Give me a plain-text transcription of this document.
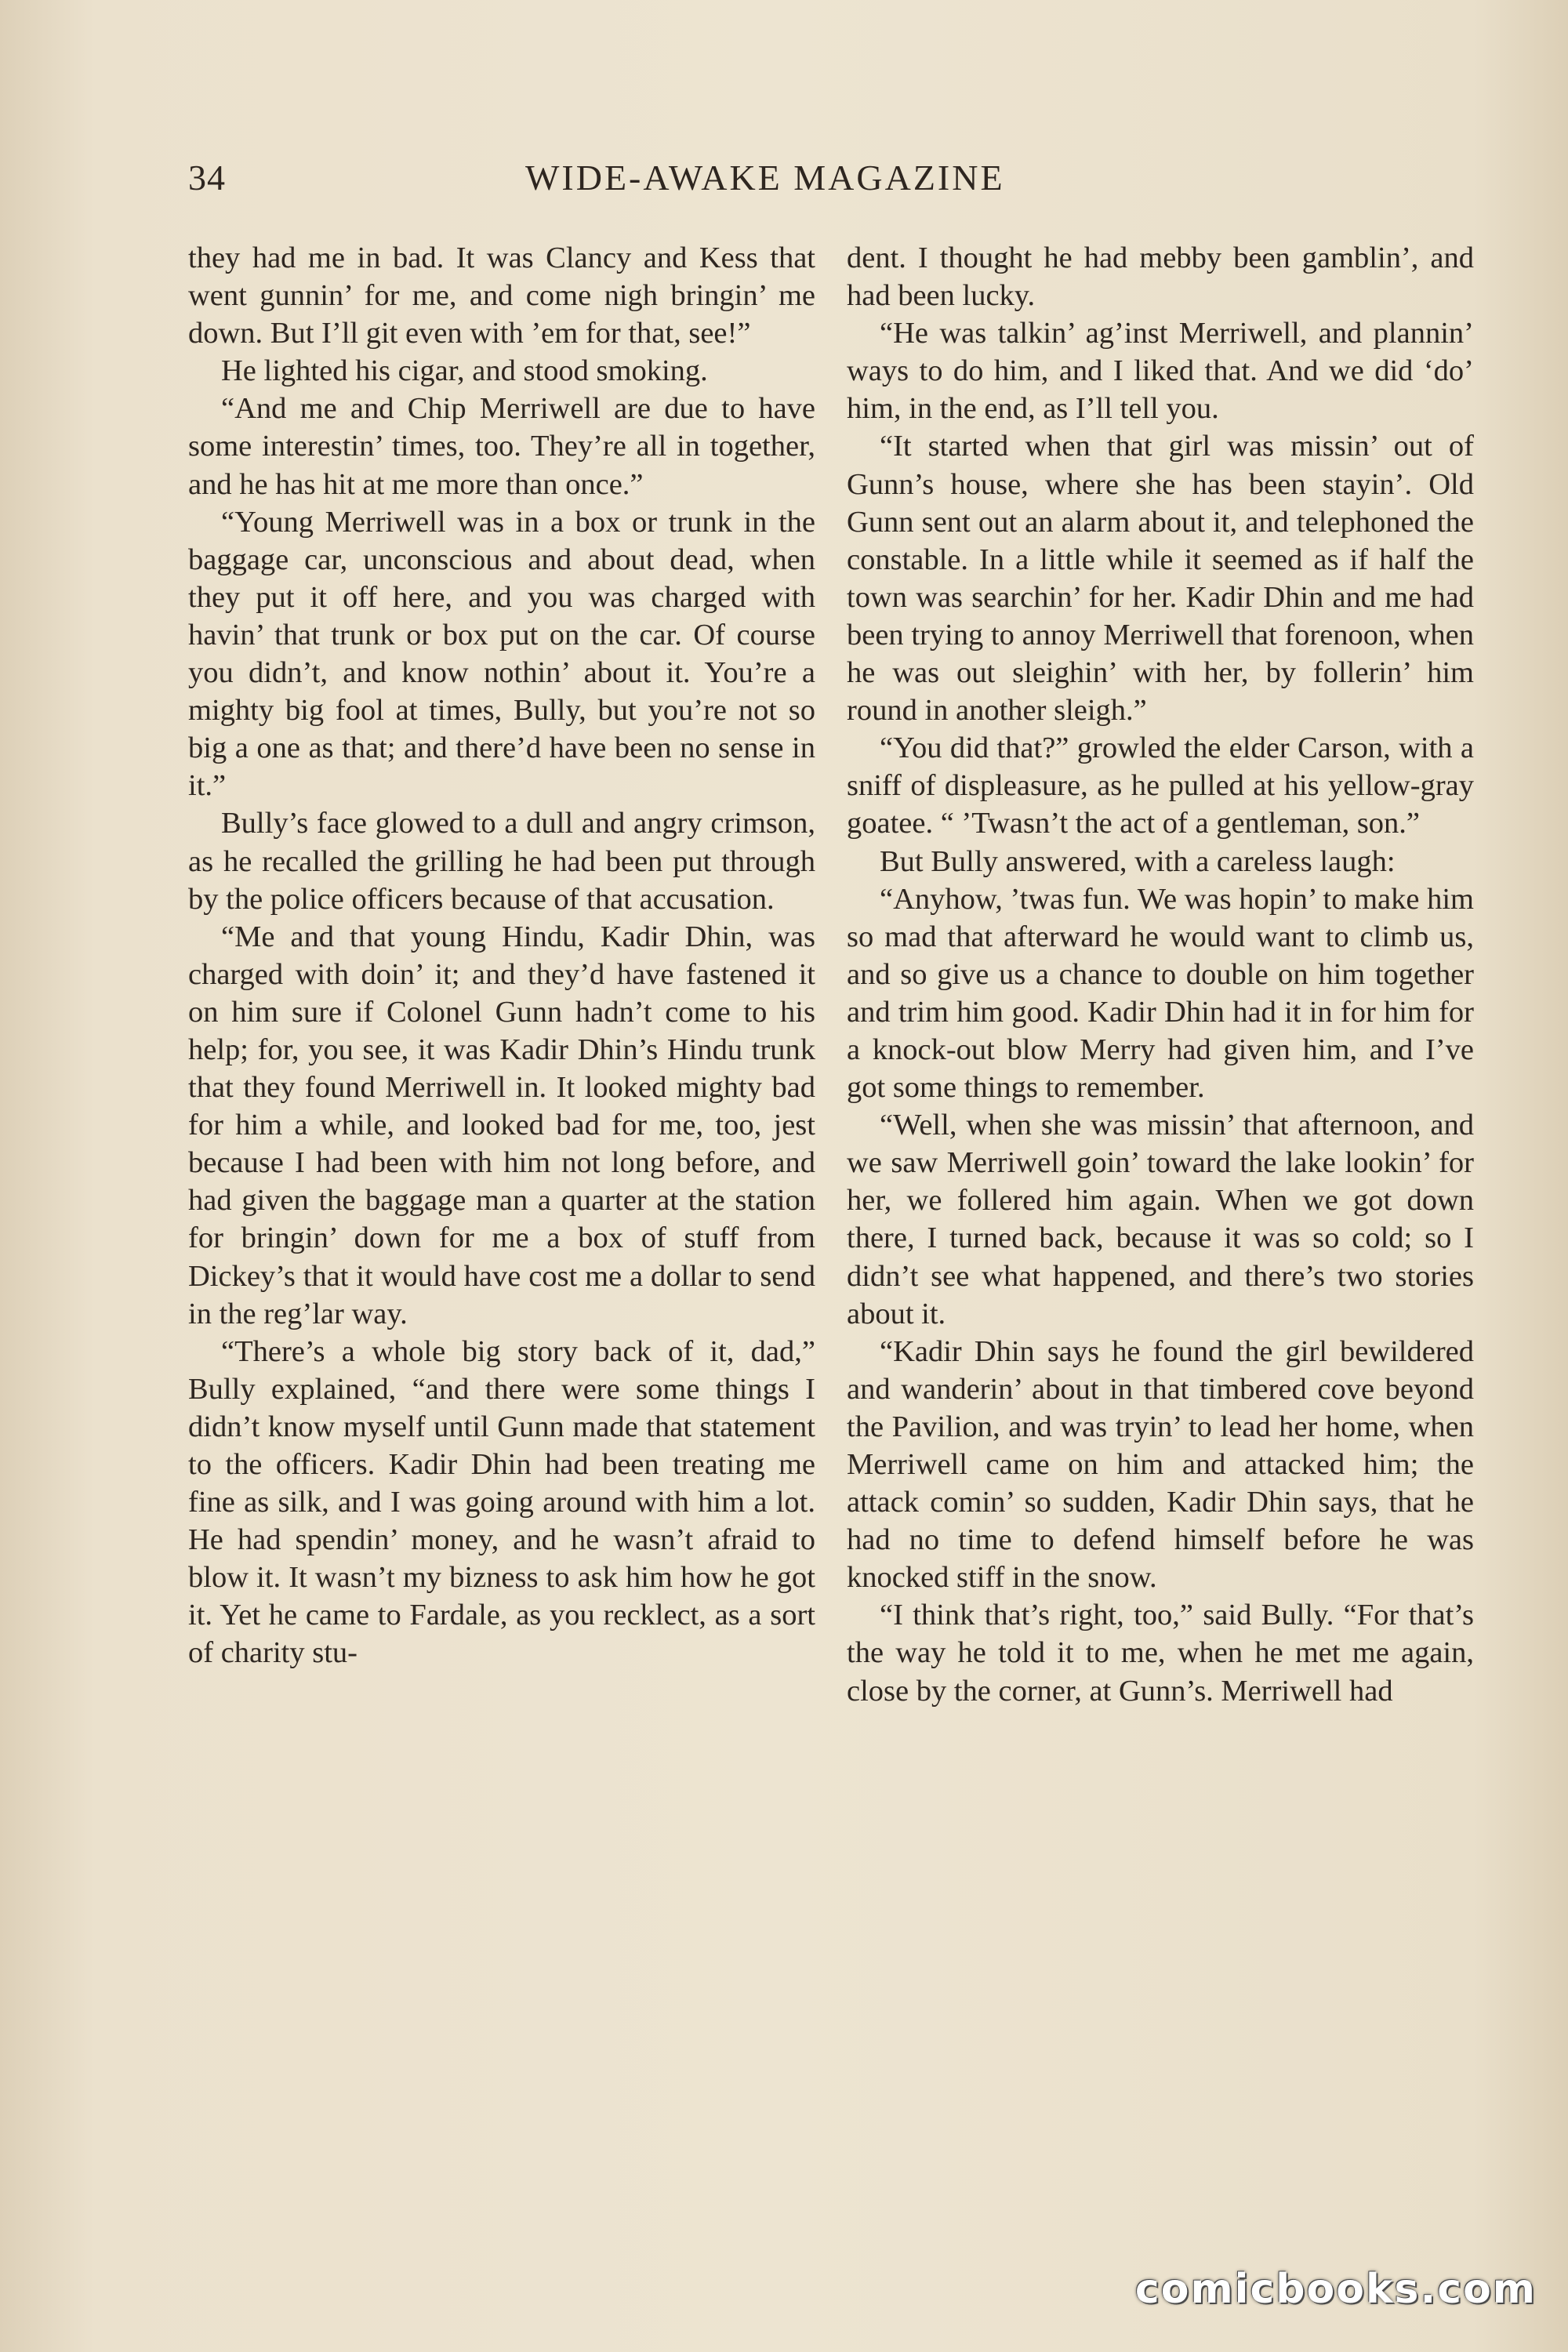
34	WIDE-AWAKE MAGAZINE

they had me in bad. It was Clancy and Kess that went gunnin’ for me, and come nigh bringin’ me down. But I’ll git even with ’em for that, see!”

He lighted his cigar, and stood smoking.

“And me and Chip Merriwell are due to have some interestin’ times, too. They’re all in together, and he has hit at me more than once.”

“Young Merriwell was in a box or trunk in the baggage car, unconscious and about dead, when they put it off here, and you was charged with havin’ that trunk or box put on the car. Of course you didn’t, and know nothin’ about it. You’re a mighty big fool at times, Bully, but you’re not so big a one as that; and there’d have been no sense in it.”

Bully’s face glowed to a dull and angry crimson, as he recalled the grilling he had been put through by the police officers because of that accusation.

“Me and that young Hindu, Kadir Dhin, was charged with doin’ it; and they’d have fastened it on him sure if Colonel Gunn hadn’t come to his help; for, you see, it was Kadir Dhin’s Hindu trunk that they found Merriwell in. It looked mighty bad for him a while, and looked bad for me, too, jest because I had been with him not long before, and had given the baggage man a quarter at the station for bringin’ down for me a box of stuff from Dickey’s that it would have cost me a dollar to send in the reg’lar way.

“There’s a whole big story back of it, dad,” Bully explained, “and there were some things I didn’t know myself until Gunn made that statement to the officers. Kadir Dhin had been treating me fine as silk, and I was going around with him a lot. He had spendin’ money, and he wasn’t afraid to blow it. It wasn’t my bizness to ask him how he got it. Yet he came to Fardale, as you recklect, as a sort of charity stu-

dent. I thought he had mebby been gamblin’, and had been lucky.

“He was talkin’ ag’inst Merriwell, and plannin’ ways to do him, and I liked that. And we did ‘do’ him, in the end, as I’ll tell you.

“It started when that girl was missin’ out of Gunn’s house, where she has been stayin’. Old Gunn sent out an alarm about it, and telephoned the constable. In a little while it seemed as if half the town was searchin’ for her. Kadir Dhin and me had been trying to annoy Merriwell that forenoon, when he was out sleighin’ with her, by follerin’ him round in another sleigh.”

“You did that?” growled the elder Carson, with a sniff of displeasure, as he pulled at his yellow-gray goatee. “ ’Twasn’t the act of a gentleman, son.”

But Bully answered, with a careless laugh:

“Anyhow, ’twas fun. We was hopin’ to make him so mad that afterward he would want to climb us, and so give us a chance to double on him together and trim him good. Kadir Dhin had it in for him for a knock-out blow Merry had given him, and I’ve got some things to remember.

“Well, when she was missin’ that afternoon, and we saw Merriwell goin’ toward the lake lookin’ for her, we follered him again. When we got down there, I turned back, because it was so cold; so I didn’t see what happened, and there’s two stories about it.

“Kadir Dhin says he found the girl bewildered and wanderin’ about in that timbered cove beyond the Pavilion, and was tryin’ to lead her home, when Merriwell came on him and attacked him; the attack comin’ so sudden, Kadir Dhin says, that he had no time to defend himself before he was knocked stiff in the snow.

“I think that’s right, too,” said Bully. “For that’s the way he told it to me, when he met me again, close by the corner, at Gunn’s. Merriwell had

comicbooks.com
